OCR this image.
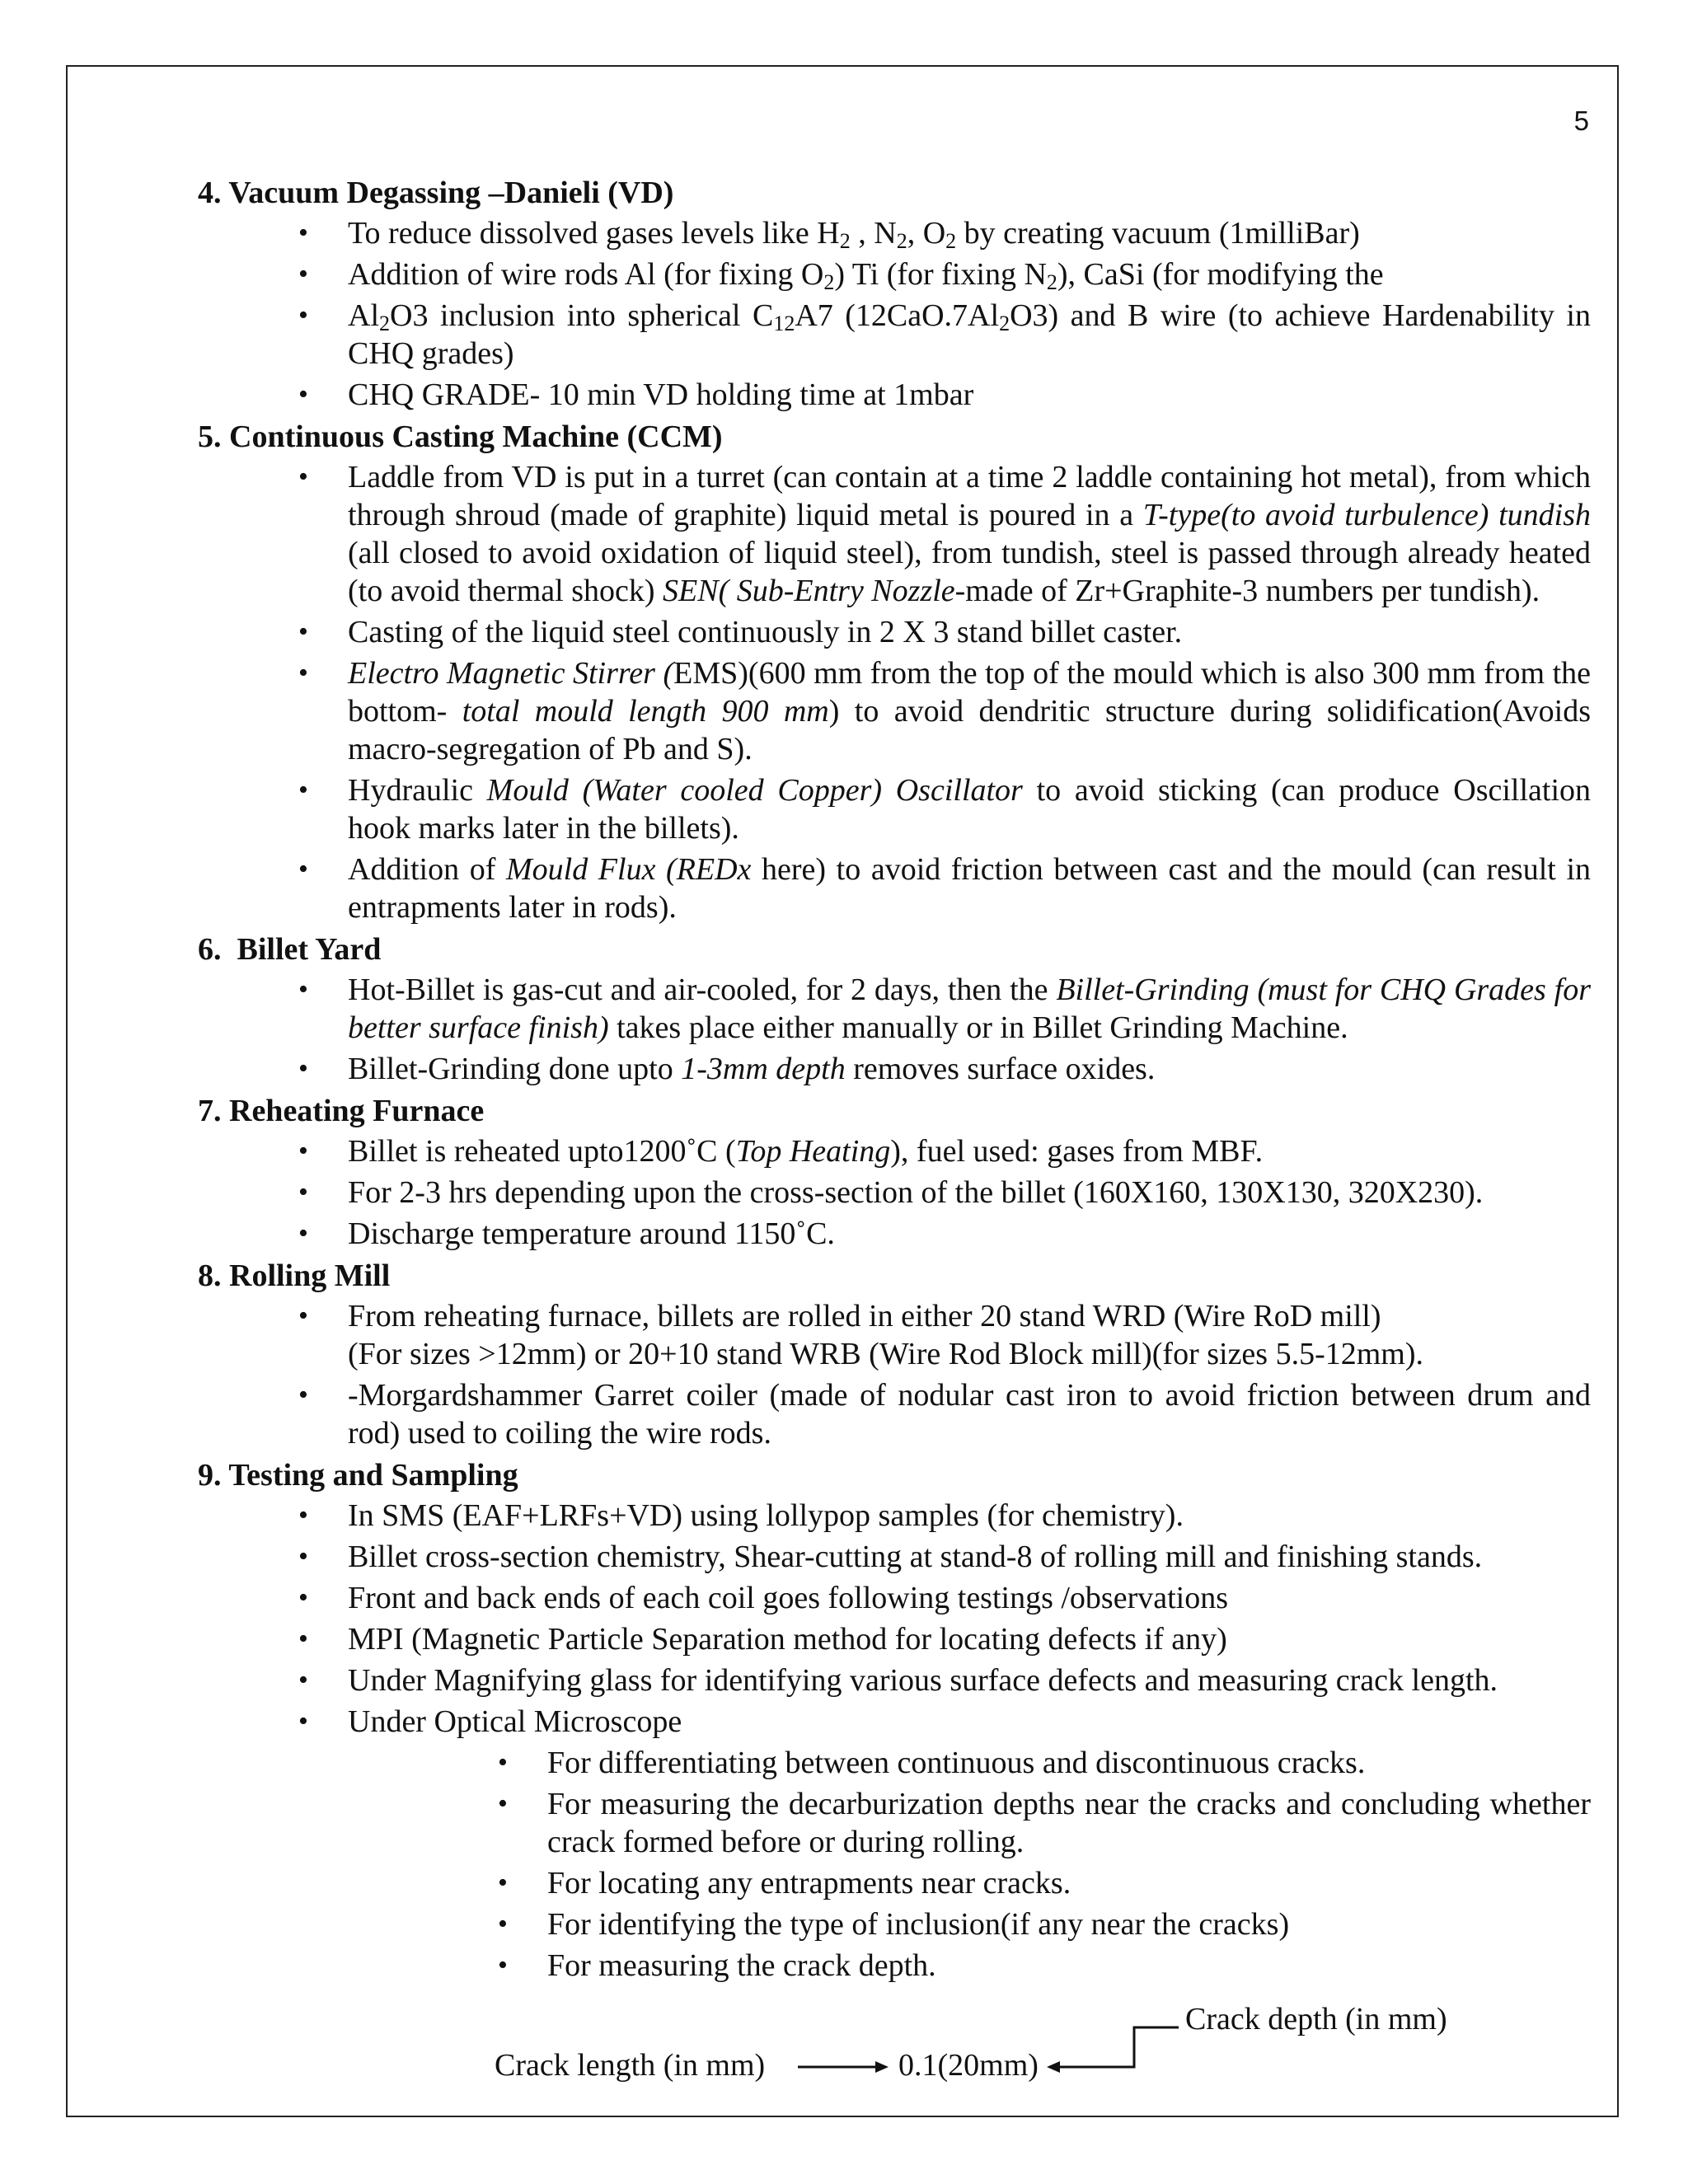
5
4. Vacuum Degassing –Danieli (VD)
• To reduce dissolved gases levels like $H_2$ , $N_2$, $O_2$ by creating vacuum (1milliBar)
• Addition of wire rods Al (for fixing $O_2$) Ti (for fixing $N_2$), CaSi (for modifying the
• $Al_2O3$ inclusion into spherical $C_{12}A7$ $(12CaO.7Al_2O3)$ and B wire (to achieve Hardenability in CHQ grades)
• CHQ GRADE- 10 min VD holding time at 1mbar
5. Continuous Casting Machine (CCM)
• Laddle from VD is put in a turret (can contain at a time 2 laddle containing hot metal), from which through shroud (made of graphite) liquid metal is poured in a T-type(to avoid turbulence) tundish (all closed to avoid oxidation of liquid steel), from tundish, steel is passed through already heated (to avoid thermal shock) SEN( Sub-Entry Nozzle-made of Zr+Graphite-3 numbers per tundish).
• Casting of the liquid steel continuously in 2 X 3 stand billet caster.
• Electro Magnetic Stirrer (EMS)(600 mm from the top of the mould which is also 300 mm from the bottom- total mould length 900 mm) to avoid dendritic structure during solidification(Avoids macro-segregation of Pb and S).
• Hydraulic Mould (Water cooled Copper) Oscillator to avoid sticking (can produce Oscillation hook marks later in the billets).
• Addition of Mould Flux (REDx here) to avoid friction between cast and the mould (can result in entrapments later in rods).
6.  Billet Yard
• Hot-Billet is gas-cut and air-cooled, for 2 days, then the Billet-Grinding (must for CHQ Grades for better surface finish) takes place either manually or in Billet Grinding Machine.
• Billet-Grinding done upto 1-3mm depth removes surface oxides.
7. Reheating Furnace
• Billet is reheated upto1200˚C (Top Heating), fuel used: gases from MBF.
• For 2-3 hrs depending upon the cross-section of the billet (160X160, 130X130, 320X230).
• Discharge temperature around 1150˚C.
8. Rolling Mill
• From reheating furnace, billets are rolled in either 20 stand WRD (Wire RoD mill)
(For sizes >12mm) or 20+10 stand WRB (Wire Rod Block mill)(for sizes 5.5-12mm).
• -Morgardshammer Garret coiler (made of nodular cast iron to avoid friction between drum and rod) used to coiling the wire rods.
9. Testing and Sampling
• In SMS (EAF+LRFs+VD) using lollypop samples (for chemistry).
• Billet cross-section chemistry, Shear-cutting at stand-8 of rolling mill and finishing stands.
• Front and back ends of each coil goes following testings /observations
• MPI (Magnetic Particle Separation method for locating defects if any)
• Under Magnifying glass for identifying various surface defects and measuring crack length.
• Under Optical Microscope
• For differentiating between continuous and discontinuous cracks.
• For measuring the decarburization depths near the cracks and concluding whether crack formed before or during rolling.
• For locating any entrapments near cracks.
• For identifying the type of inclusion(if any near the cracks)
• For measuring the crack depth.
Crack depth (in mm)
Crack length (in mm)	0.1(20mm)
